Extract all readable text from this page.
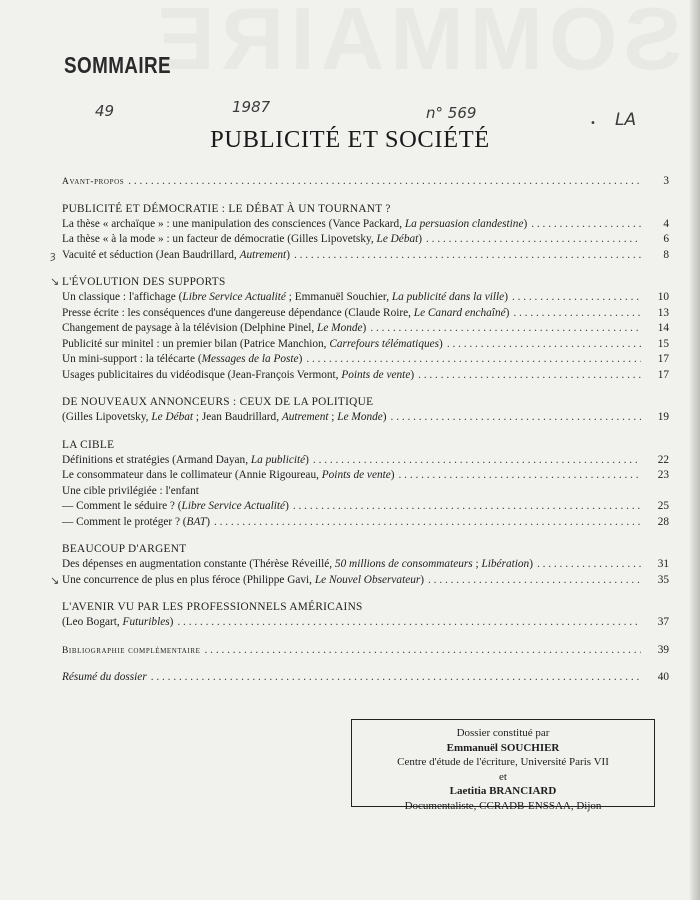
SOMMAIRE
49	1987	n° 569	LA
•
PUBLICITÉ ET SOCIÉTÉ
Avant-propos . . .	3
PUBLICITÉ ET DÉMOCRATIE : LE DÉBAT À UN TOURNANT ?
La thèse « archaïque » : une manipulation des consciences (Vance Packard, La persuasion clandestine) . . .	4
La thèse « à la mode » : un facteur de démocratie (Gilles Lipovetsky, Le Débat) . . .	6
ȝ Vacuité et séduction (Jean Baudrillard, Autrement) . . .	8
L'ÉVOLUTION DES SUPPORTS
↘
Un classique : l'affichage (Libre Service Actualité ; Emmanuël Souchier, La publicité dans la ville) . . .	10
Presse écrite : les conséquences d'une dangereuse dépendance (Claude Roire, Le Canard enchaîné) . . .	13
Changement de paysage à la télévision (Delphine Pinel, Le Monde) . . .	14
Publicité sur minitel : un premier bilan (Patrice Manchion, Carrefours télématiques) . . .	15
Un mini-support : la télécarte (Messages de la Poste) . . .	17
Usages publicitaires du vidéodisque (Jean-François Vermont, Points de vente) . . .	17
DE NOUVEAUX ANNONCEURS : CEUX DE LA POLITIQUE
(Gilles Lipovetsky, Le Débat ; Jean Baudrillard, Autrement ; Le Monde) . . .	19
LA CIBLE
Définitions et stratégies (Armand Dayan, La publicité) . . .	22
Le consommateur dans le collimateur (Annie Rigoureau, Points de vente) . . .	23
Une cible privilégiée : l'enfant
— Comment le séduire ? (Libre Service Actualité) . . .	25
— Comment le protéger ? (BAT) . . .	28
BEAUCOUP D'ARGENT
Des dépenses en augmentation constante (Thérèse Réveillé, 50 millions de consommateurs ; Libération) . . .	31
↘ Une concurrence de plus en plus féroce (Philippe Gavi, Le Nouvel Observateur) . . .	35
L'AVENIR VU PAR LES PROFESSIONNELS AMÉRICAINS
(Leo Bogart, Futuribles) . . .	37
Bibliographie complémentaire . . .	39
Résumé du dossier . . .	40
Dossier constitué par
Emmanuël SOUCHIER
Centre d'étude de l'écriture, Université Paris VII
et
Laetitia BRANCIARD
Documentaliste, CCRADB-ENSSAA, Dijon
